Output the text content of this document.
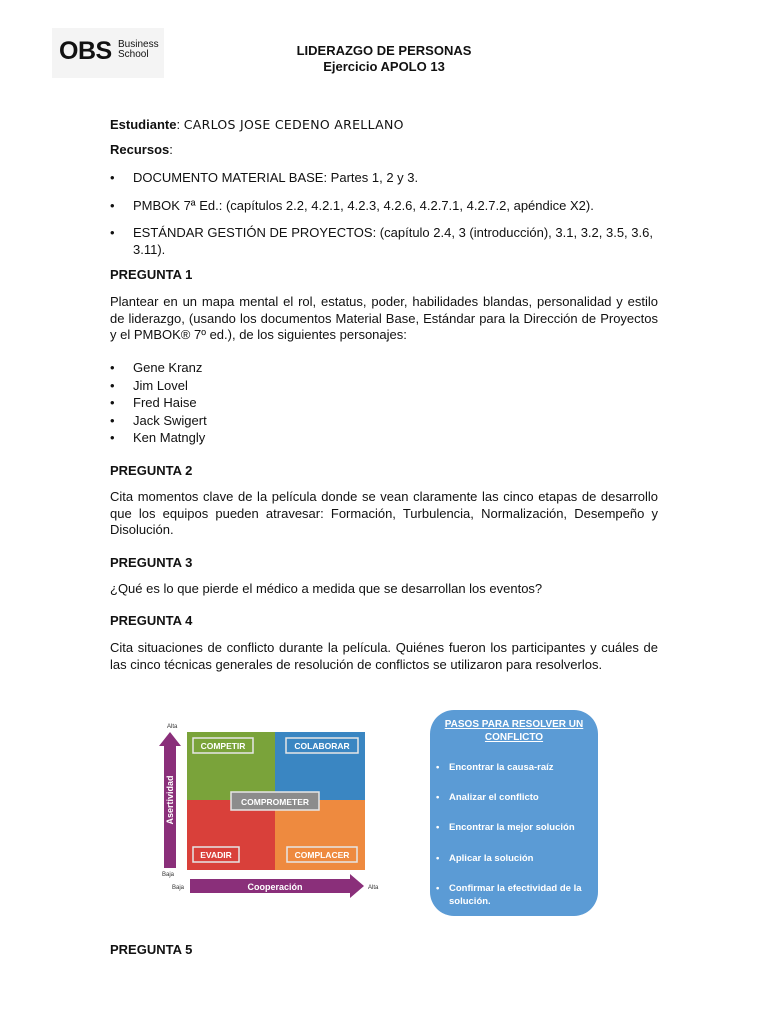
OBS Business
School	LIDERAZGO DE PERSONAS
Ejercicio APOLO 13
Estudiante: CARLOS JOSE CEDENO ARELLANO
Recursos:
• DOCUMENTO MATERIAL BASE: Partes 1, 2 y 3.
• PMBOK 7ª Ed.: (capítulos 2.2, 4.2.1, 4.2.3, 4.2.6, 4.2.7.1, 4.2.7.2, apéndice X2).
• ESTÁNDAR GESTIÓN DE PROYECTOS: (capítulo 2.4, 3 (introducción), 3.1, 3.2, 3.5, 3.6, 3.11).
PREGUNTA 1
Plantear en un mapa mental el rol, estatus, poder, habilidades blandas, personalidad y estilo de liderazgo, (usando los documentos Material Base, Estándar para la Dirección de Proyectos y el PMBOK® 7º ed.), de los siguientes personajes:
• Gene Kranz
• Jim Lovel
• Fred Haise
• Jack Swigert
• Ken Matngly
PREGUNTA 2
Cita momentos clave de la película donde se vean claramente las cinco etapas de desarrollo que los equipos pueden atravesar: Formación, Turbulencia, Normalización, Desempeño y Disolución.
PREGUNTA 3
¿Qué es lo que pierde el médico a medida que se desarrollan los eventos?
PREGUNTA 4
Cita situaciones de conflicto durante la película. Quiénes fueron los participantes y cuáles de las cinco técnicas generales de resolución de conflictos se utilizaron para resolverlos.
Alta
Asertividad
Baja
COMPETIR	COLABORAR
COMPROMETER
EVADIR	COMPLACER
Baja	Cooperación	Alta
PASOS PARA RESOLVER UN
CONFLICTO
• Encontrar la causa-raíz
• Analizar el conflicto
• Encontrar la mejor solución
• Aplicar la solución
• Confirmar la efectividad de la solución.
PREGUNTA 5
